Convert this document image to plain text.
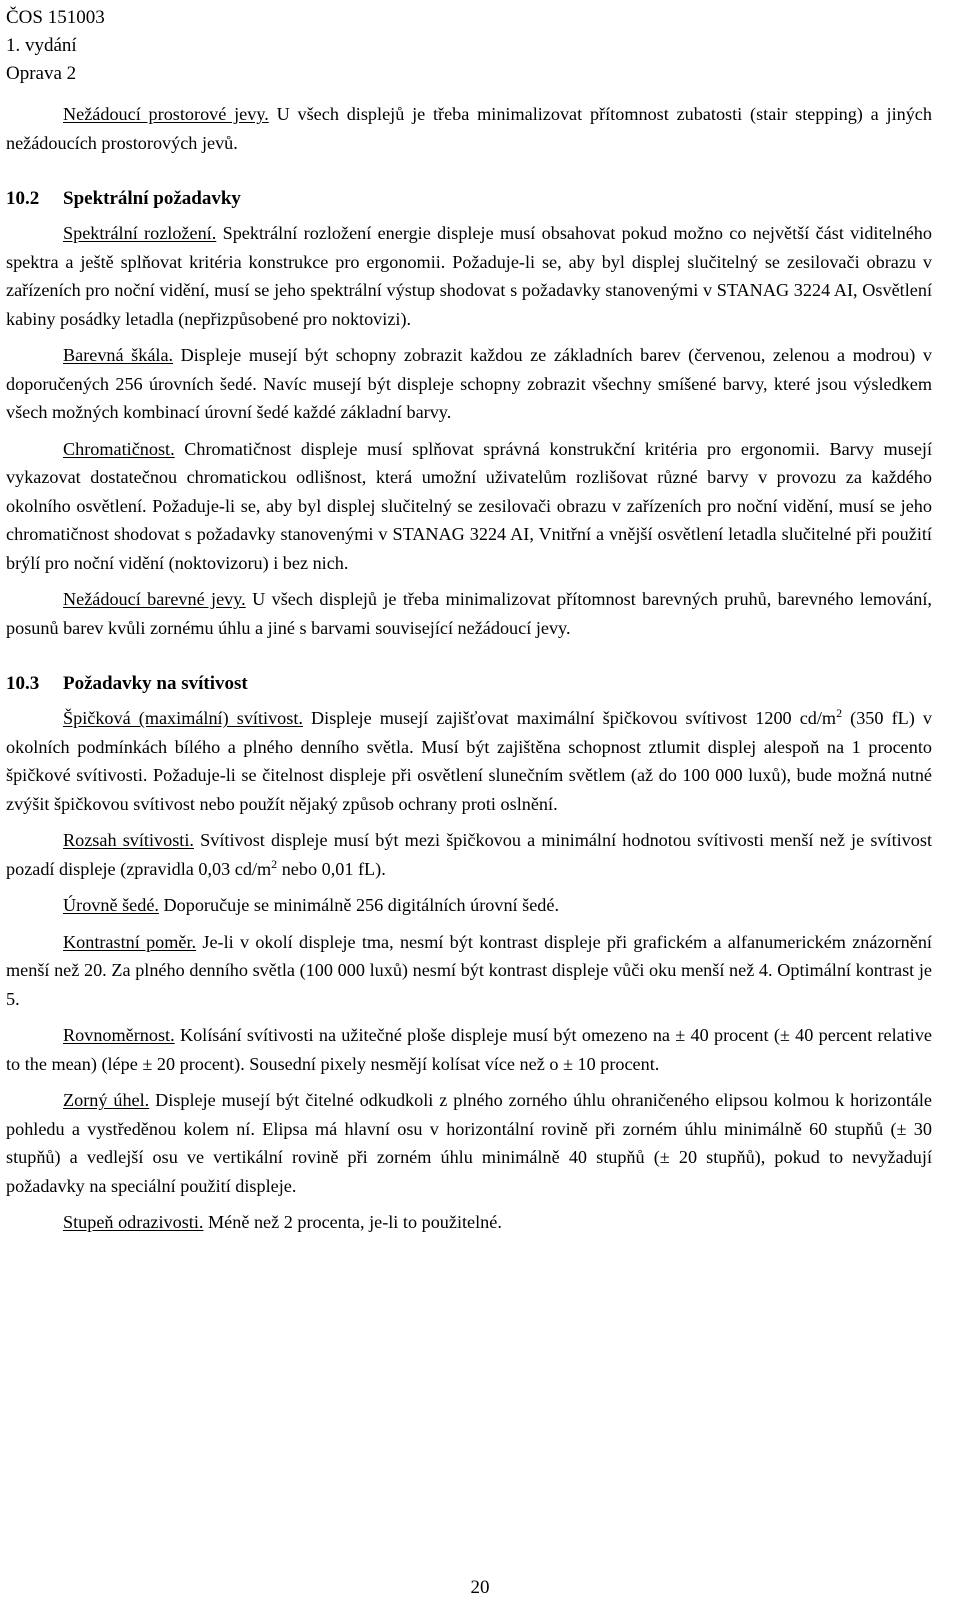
ČOS 151003
1. vydání
Oprava 2

Nežádoucí prostorové jevy. U všech displejů je třeba minimalizovat přítomnost zubatosti (stair stepping) a jiných nežádoucích prostorových jevů.

10.2 Spektrální požadavky

Spektrální rozložení. Spektrální rozložení energie displeje musí obsahovat pokud možno co největší část viditelného spektra a ještě splňovat kritéria konstrukce pro ergonomii. Požaduje-li se, aby byl displej slučitelný se zesilovači obrazu v zařízeních pro noční vidění, musí se jeho spektrální výstup shodovat s požadavky stanovenými v STANAG 3224 AI, Osvětlení kabiny posádky letadla (nepřizpůsobené pro noktovizi).

Barevná škála. Displeje musejí být schopny zobrazit každou ze základních barev (červenou, zelenou a modrou) v doporučených 256 úrovních šedé. Navíc musejí být displeje schopny zobrazit všechny smíšené barvy, které jsou výsledkem všech možných kombinací úrovní šedé každé základní barvy.

Chromatičnost. Chromatičnost displeje musí splňovat správná konstrukční kritéria pro ergonomii. Barvy musejí vykazovat dostatečnou chromatickou odlišnost, která umožní uživatelům rozlišovat různé barvy v provozu za každého okolního osvětlení. Požaduje-li se, aby byl displej slučitelný se zesilovači obrazu v zařízeních pro noční vidění, musí se jeho chromatičnost shodovat s požadavky stanovenými v STANAG 3224 AI, Vnitřní a vnější osvětlení letadla slučitelné při použití brýlí pro noční vidění (noktovizoru) i bez nich.

Nežádoucí barevné jevy. U všech displejů je třeba minimalizovat přítomnost barevných pruhů, barevného lemování, posunů barev kvůli zornému úhlu a jiné s barvami související nežádoucí jevy.

10.3 Požadavky na svítivost

Špičková (maximální) svítivost. Displeje musejí zajišťovat maximální špičkovou svítivost 1200 $cd/m^2$ (350 fL) v okolních podmínkách bílého a plného denního světla. Musí být zajištěna schopnost ztlumit displej alespoň na 1 procento špičkové svítivosti. Požaduje-li se čitelnost displeje při osvětlení slunečním světlem (až do 100 000 luxů), bude možná nutné zvýšit špičkovou svítivost nebo použít nějaký způsob ochrany proti oslnění.

Rozsah svítivosti. Svítivost displeje musí být mezi špičkovou a minimální hodnotou svítivosti menší než je svítivost pozadí displeje (zpravidla 0,03 $cd/m^2$ nebo 0,01 fL).

Úrovně šedé. Doporučuje se minimálně 256 digitálních úrovní šedé.

Kontrastní poměr. Je-li v okolí displeje tma, nesmí být kontrast displeje při grafickém a alfanumerickém znázornění menší než 20. Za plného denního světla (100 000 luxů) nesmí být kontrast displeje vůči oku menší než 4. Optimální kontrast je 5.

Rovnoměrnost. Kolísání svítivosti na užitečné ploše displeje musí být omezeno na ± 40 procent (± 40 percent relative to the mean) (lépe ± 20 procent). Sousední pixely nesmějí kolísat více než o ± 10 procent.

Zorný úhel. Displeje musejí být čitelné odkudkoli z plného zorného úhlu ohraničeného elipsou kolmou k horizontále pohledu a vystředěnou kolem ní. Elipsa má hlavní osu v horizontální rovině při zorném úhlu minimálně 60 stupňů (± 30 stupňů) a vedlejší osu ve vertikální rovině při zorném úhlu minimálně 40 stupňů (± 20 stupňů), pokud to nevyžadují požadavky na speciální použití displeje.

Stupeň odrazivosti. Méně než 2 procenta, je-li to použitelné.

20
